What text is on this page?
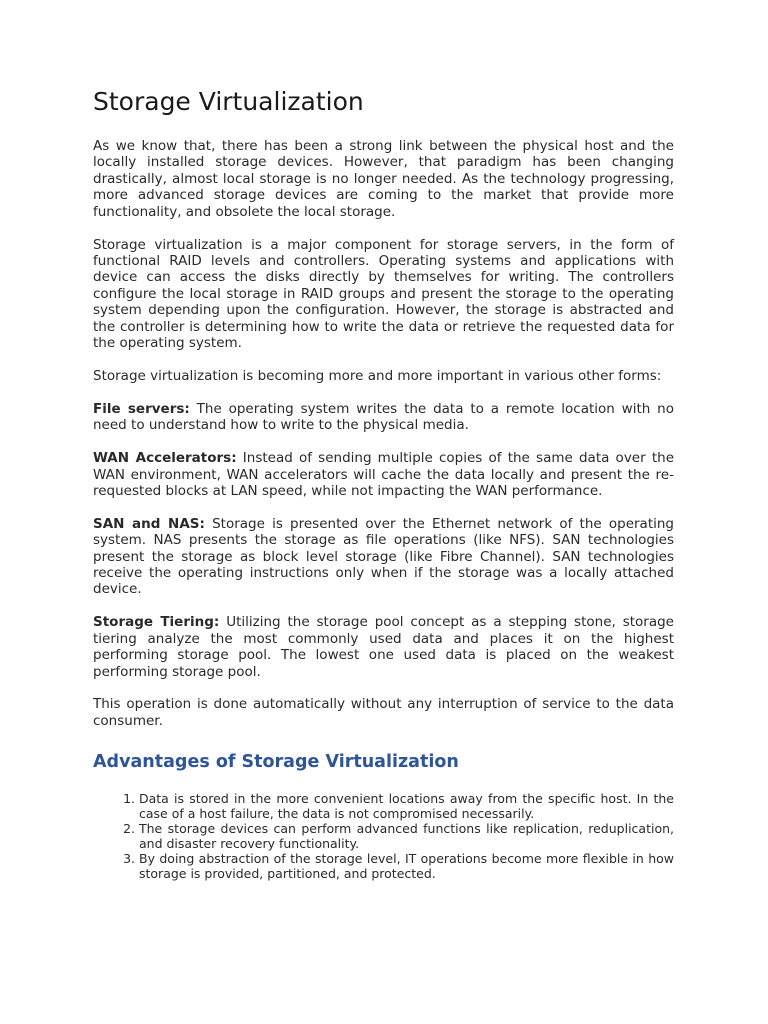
Storage Virtualization

As we know that, there has been a strong link between the physical host and the locally installed storage devices. However, that paradigm has been changing drastically, almost local storage is no longer needed. As the technology progressing, more advanced storage devices are coming to the market that provide more functionality, and obsolete the local storage.

Storage virtualization is a major component for storage servers, in the form of functional RAID levels and controllers. Operating systems and applications with device can access the disks directly by themselves for writing. The controllers configure the local storage in RAID groups and present the storage to the operating system depending upon the configuration. However, the storage is abstracted and the controller is determining how to write the data or retrieve the requested data for the operating system.

Storage virtualization is becoming more and more important in various other forms:

File servers: The operating system writes the data to a remote location with no need to understand how to write to the physical media.

WAN Accelerators: Instead of sending multiple copies of the same data over the WAN environment, WAN accelerators will cache the data locally and present the re-requested blocks at LAN speed, while not impacting the WAN performance.

SAN and NAS: Storage is presented over the Ethernet network of the operating system. NAS presents the storage as file operations (like NFS). SAN technologies present the storage as block level storage (like Fibre Channel). SAN technologies receive the operating instructions only when if the storage was a locally attached device.

Storage Tiering: Utilizing the storage pool concept as a stepping stone, storage tiering analyze the most commonly used data and places it on the highest performing storage pool. The lowest one used data is placed on the weakest performing storage pool.

This operation is done automatically without any interruption of service to the data consumer.

Advantages of Storage Virtualization
1. Data is stored in the more convenient locations away from the specific host. In the case of a host failure, the data is not compromised necessarily.
2. The storage devices can perform advanced functions like replication, reduplication, and disaster recovery functionality.
3. By doing abstraction of the storage level, IT operations become more flexible in how storage is provided, partitioned, and protected.
